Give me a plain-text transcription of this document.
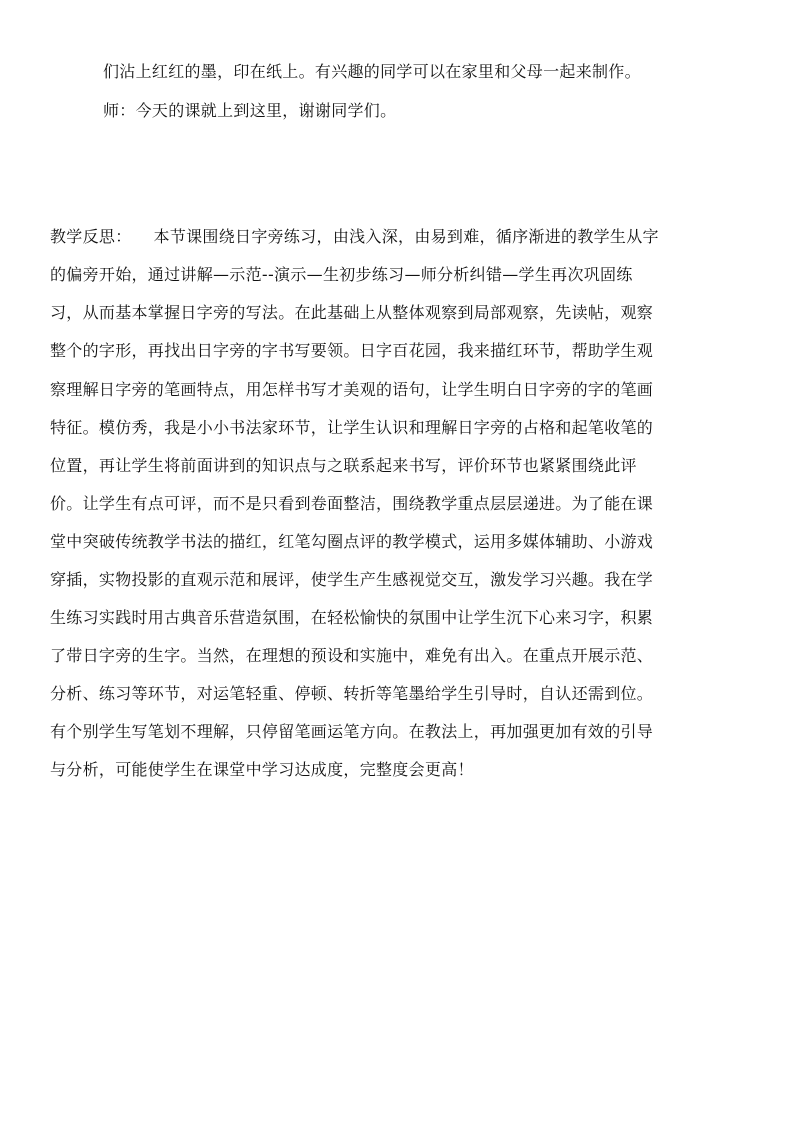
们沾上红红的墨，印在纸上。有兴趣的同学可以在家里和父母一起来制作。
师：今天的课就上到这里，谢谢同学们。
教学反思： 本节课围绕日字旁练习，由浅入深，由易到难，循序渐进的教学生从字
的偏旁开始，通过讲解—示范--演示—生初步练习—师分析纠错—学生再次巩固练
习，从而基本掌握日字旁的写法。在此基础上从整体观察到局部观察，先读帖，观察
整个的字形，再找出日字旁的字书写要领。日字百花园，我来描红环节，帮助学生观
察理解日字旁的笔画特点，用怎样书写才美观的语句，让学生明白日字旁的字的笔画
特征。模仿秀，我是小小书法家环节，让学生认识和理解日字旁的占格和起笔收笔的
位置，再让学生将前面讲到的知识点与之联系起来书写，评价环节也紧紧围绕此评
价。让学生有点可评，而不是只看到卷面整洁，围绕教学重点层层递进。为了能在课
堂中突破传统教学书法的描红，红笔勾圈点评的教学模式，运用多媒体辅助、小游戏
穿插，实物投影的直观示范和展评，使学生产生感视觉交互，激发学习兴趣。我在学
生练习实践时用古典音乐营造氛围，在轻松愉快的氛围中让学生沉下心来习字，积累
了带日字旁的生字。当然，在理想的预设和实施中，难免有出入。在重点开展示范、
分析、练习等环节，对运笔轻重、停顿、转折等笔墨给学生引导时，自认还需到位。
有个别学生写笔划不理解，只停留笔画运笔方向。在教法上，再加强更加有效的引导
与分析，可能使学生在课堂中学习达成度，完整度会更高！
